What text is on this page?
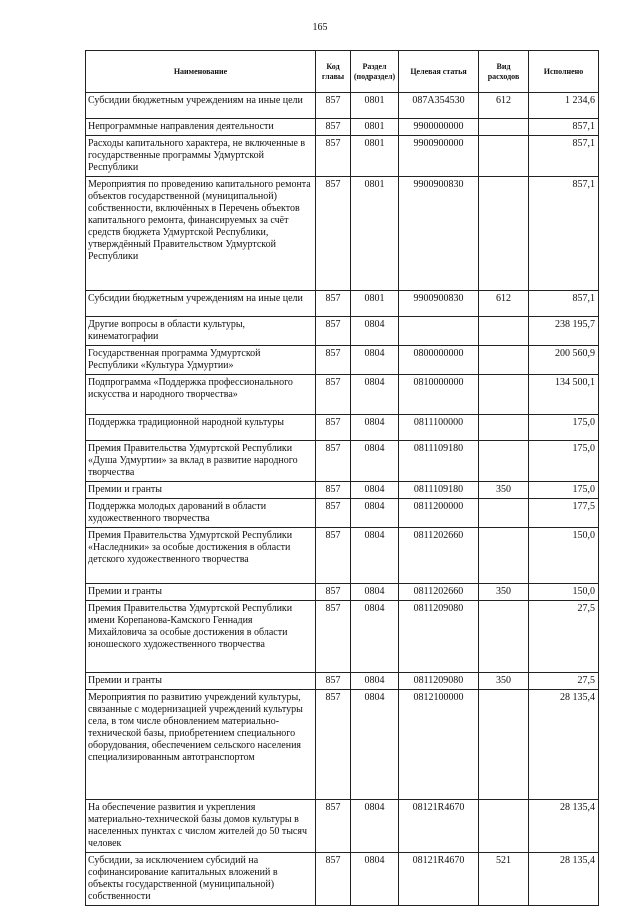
165
Наименование	Код главы	Раздел (подраздел)	Целевая статья	Вид расходов	Исполнено
Субсидии бюджетным учреждениям на иные цели	857	0801	087А354530	612	1 234,6
Непрограммные направления деятельности	857	0801	9900000000		857,1
Расходы капитального характера, не включенные в государственные программы Удмуртской Республики	857	0801	9900900000		857,1
Мероприятия по проведению капитального ремонта объектов государственной (муниципальной) собственности, включённых в Перечень объектов капитального ремонта, финансируемых за счёт средств бюджета Удмуртской Республики, утверждённый Правительством Удмуртской Республики	857	0801	9900900830		857,1
Субсидии бюджетным учреждениям на иные цели	857	0801	9900900830	612	857,1
Другие вопросы в области культуры, кинематографии	857	0804			238 195,7
Государственная программа Удмуртской Республики «Культура Удмуртии»	857	0804	0800000000		200 560,9
Подпрограмма «Поддержка профессионального искусства и народного творчества»	857	0804	0810000000		134 500,1
Поддержка традиционной народной культуры	857	0804	0811100000		175,0
Премия Правительства Удмуртской Республики «Душа Удмуртии» за вклад в развитие народного творчества	857	0804	0811109180		175,0
Премии и гранты	857	0804	0811109180	350	175,0
Поддержка молодых дарований в области художественного творчества	857	0804	0811200000		177,5
Премия Правительства Удмуртской Республики «Наследники» за особые достижения в области детского художественного творчества	857	0804	0811202660		150,0
Премии и гранты	857	0804	0811202660	350	150,0
Премия Правительства Удмуртской Республики имени Корепанова-Камского Геннадия Михайловича за особые достижения в области юношеского художественного творчества	857	0804	0811209080		27,5
Премии и гранты	857	0804	0811209080	350	27,5
Мероприятия по развитию учреждений культуры, связанные с модернизацией учреждений культуры села, в том числе обновлением материально-технической базы, приобретением специального оборудования, обеспечением сельского населения специализированным автотранспортом	857	0804	0812100000		28 135,4
На обеспечение развития и укрепления материально-технической базы домов культуры в населенных пунктах с числом жителей до 50 тысяч человек	857	0804	08121R4670		28 135,4
Субсидии, за исключением субсидий на софинансирование капитальных вложений в объекты государственной (муниципальной) собственности	857	0804	08121R4670	521	28 135,4
